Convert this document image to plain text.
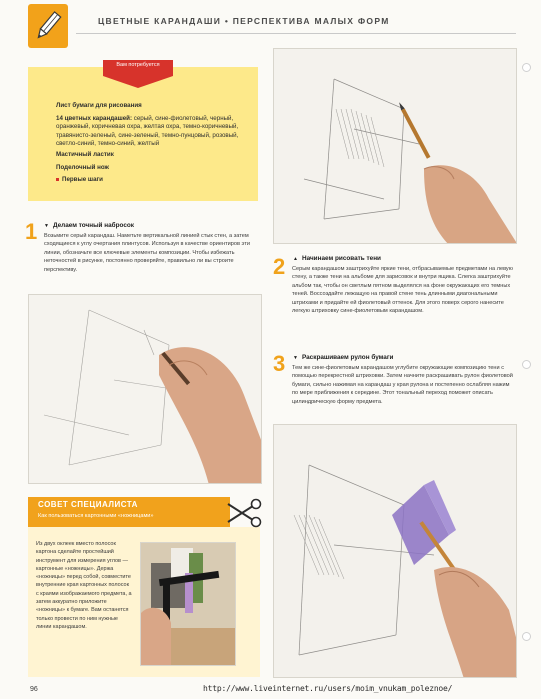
ЦВЕТНЫЕ КАРАНДАШИ • ПЕРСПЕКТИВА МАЛЫХ ФОРМ
Вам потребуется
Лист бумаги для рисования
14 цветных карандашей: серый, сине-фиолетовый, черный, оранжевый, коричневая охра, желтая охра, темно-коричневый, травянисто-зеленый, сине-зеленый, темно-пунцовый, розовый, светло-синий, темно-синий, желтый
Мастичный ластик
Поделочный нож
Первые шаги
1 ▼ Делаем точный набросок
Возьмите серый карандаш. Наметьте вертикальной линией стык стен, а затем сходящиеся к углу очертания плинтусов. Используя в качестве ориентиров эти линии, обозначьте все ключевые элементы композиции. Чтобы избежать неточностей в рисунке, постоянно проверяйте, правильно ли вы строите перспективу.	2 ▲ Начинаем рисовать тени
Серым карандашом заштрихуйте яркие тени, отбрасываемые предметами на левую стену, а также тени на альбоме для зарисовок и внутри ящика. Слегка заштрихуйте альбом так, чтобы он светлым пятном выделялся на фоне окружающих его темных теней. Воссоздайте лежащую на правой стене тень длинными диагональными штрихами и придайте ей фиолетовый оттенок. Для этого поверх серого нанесите легкую штриховку сине-фиолетовым карандашом.
3 ▼ Раскрашиваем рулон бумаги
Тем же сине-фиолетовым карандашом углубите окружающие композицию тени с помощью перекрестной штриховки. Затем начните раскрашивать рулон фиолетовой бумаги, сильно нажимая на карандаш у края рулона и постепенно ослабляя нажим по мере приближения к середине. Этот тональный переход поможет описать цилиндрическую форму предмета.
СОВЕТ СПЕЦИАЛИСТА
Как пользоваться картонными «ножницами»
Из двух оклеек вместо полосок картона сделайте простейший инструмент для измерения углов — картонные «ножницы». Держа «ножницы» перед собой, совместите внутренние края картонных полосок с краями изображаемого предмета, а затем аккуратно приложите «ножницы» к бумаге. Вам останется только провести по ним нужные линии карандашом.
96	http://www.liveinternet.ru/users/moim_vnukam_poleznoe/
